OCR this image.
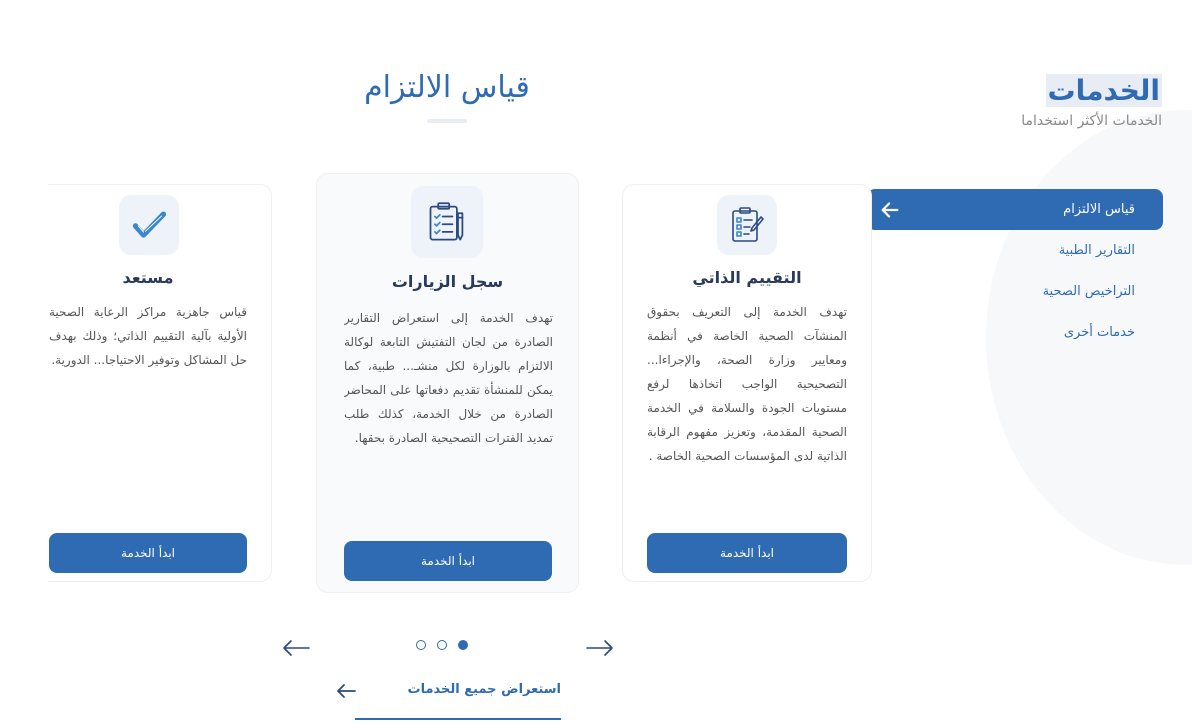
الخدمات

الخدمات الأكثر استخداما

قياس الالتزام
التقارير الطبية
التراخيص الصحية
خدمات أخرى
قياس الالتزام
التقييم الذاتي

تهدف الخدمة إلى التعريف بحقوق المنشآت الصحية الخاصة في أنظمة ومعايير وزارة الصحة، والإجراءا... التصحيحية الواجب اتخاذها لرفع مستويات الجودة والسلامة في الخدمة الصحية المقدمة، وتعزيز مفهوم الرقابة الذاتية لدى المؤسسات الصحية الخاصة .

ابدأ الخدمة
سجل الزيارات

تهدف الخدمة إلى استعراض التقارير الصادرة من لجان التفتيش التابعة لوكالة الالتزام بالوزارة لكل منشـ... طبية، كما يمكن للمنشأة تقديم دفعاتها على المحاضر الصادرة من خلال الخدمة، كذلك طلب تمديد الفترات التصحيحية الصادرة بحقها.

ابدأ الخدمة
مستعد

قياس جاهزية مراكز الرعاية الصحية الأولية بآلية التقييم الذاتي؛ وذلك بهدف حل المشاكل وتوفير الاحتياجا... الدورية.

ابدأ الخدمة
استعراض جميع الخدمات
